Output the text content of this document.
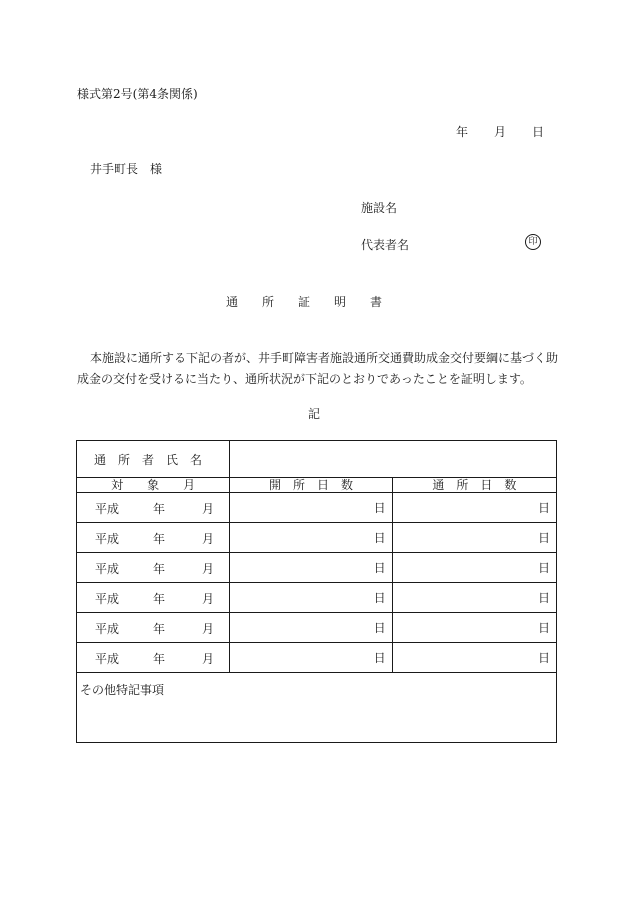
様式第2号(第4条関係)
年 月 日
井手町長　様
施設名
代表者名	印
通　　所　　証　　明　　書
本施設に通所する下記の者が、井手町障害者施設通所交通費助成金交付要綱に基づく助
成金の交付を受けるに当たり、通所状況が下記のとおりであったことを証明します。
記
通　所　者　氏　名		
対　　象　　月	開　所　日　数	通　所　日　数

平成 年 月	日	日

平成 年 月	日	日

平成 年 月	日	日

平成 年 月	日	日

平成 年 月	日	日

平成 年 月	日	日

その他特記事項		
